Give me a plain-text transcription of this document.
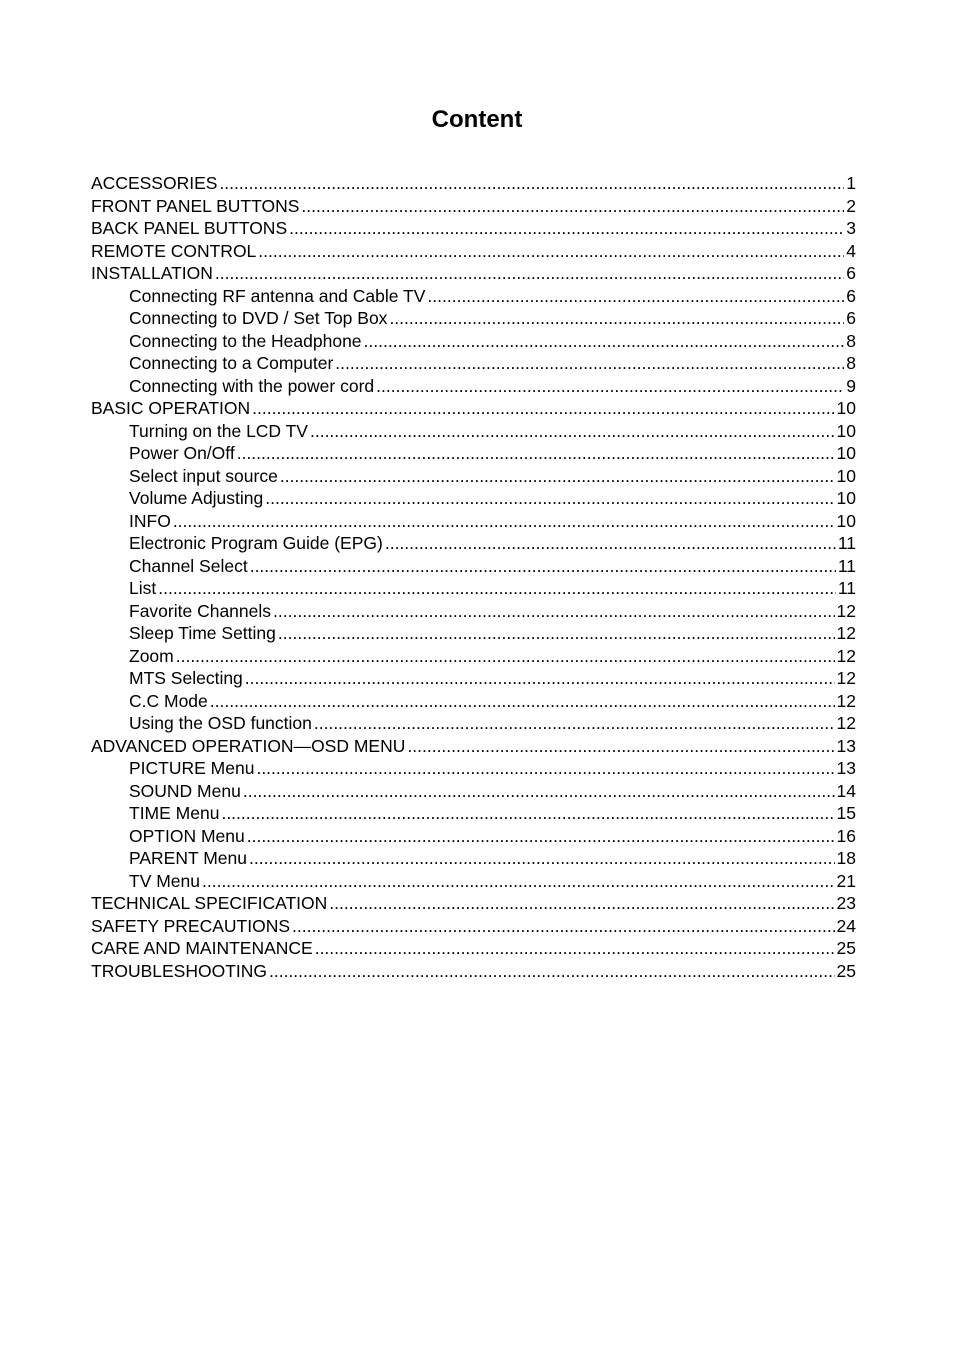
Content
ACCESSORIES .....	1
FRONT PANEL BUTTONS .....	2
BACK PANEL BUTTONS .....	3
REMOTE CONTROL .....	4
INSTALLATION .....	6
Connecting RF antenna and Cable TV .....	6
Connecting to DVD / Set Top Box .....	6
Connecting to the Headphone .....	8
Connecting to a Computer .....	8
Connecting with the power cord .....	9
BASIC OPERATION .....	10
Turning on the LCD TV .....	10
Power On/Off .....	10
Select input source .....	10
Volume Adjusting .....	10
INFO .....	10
Electronic Program Guide (EPG) .....	11
Channel Select .....	11
List .....	11
Favorite Channels .....	12
Sleep Time Setting .....	12
Zoom .....	12
MTS Selecting .....	12
C.C Mode .....	12
Using the OSD function .....	12
ADVANCED OPERATION—OSD MENU .....	13
PICTURE Menu .....	13
SOUND Menu .....	14
TIME Menu .....	15
OPTION Menu .....	16
PARENT Menu .....	18
TV Menu .....	21
TECHNICAL SPECIFICATION .....	23
SAFETY PRECAUTIONS .....	24
CARE AND MAINTENANCE .....	25
TROUBLESHOOTING .....	25
